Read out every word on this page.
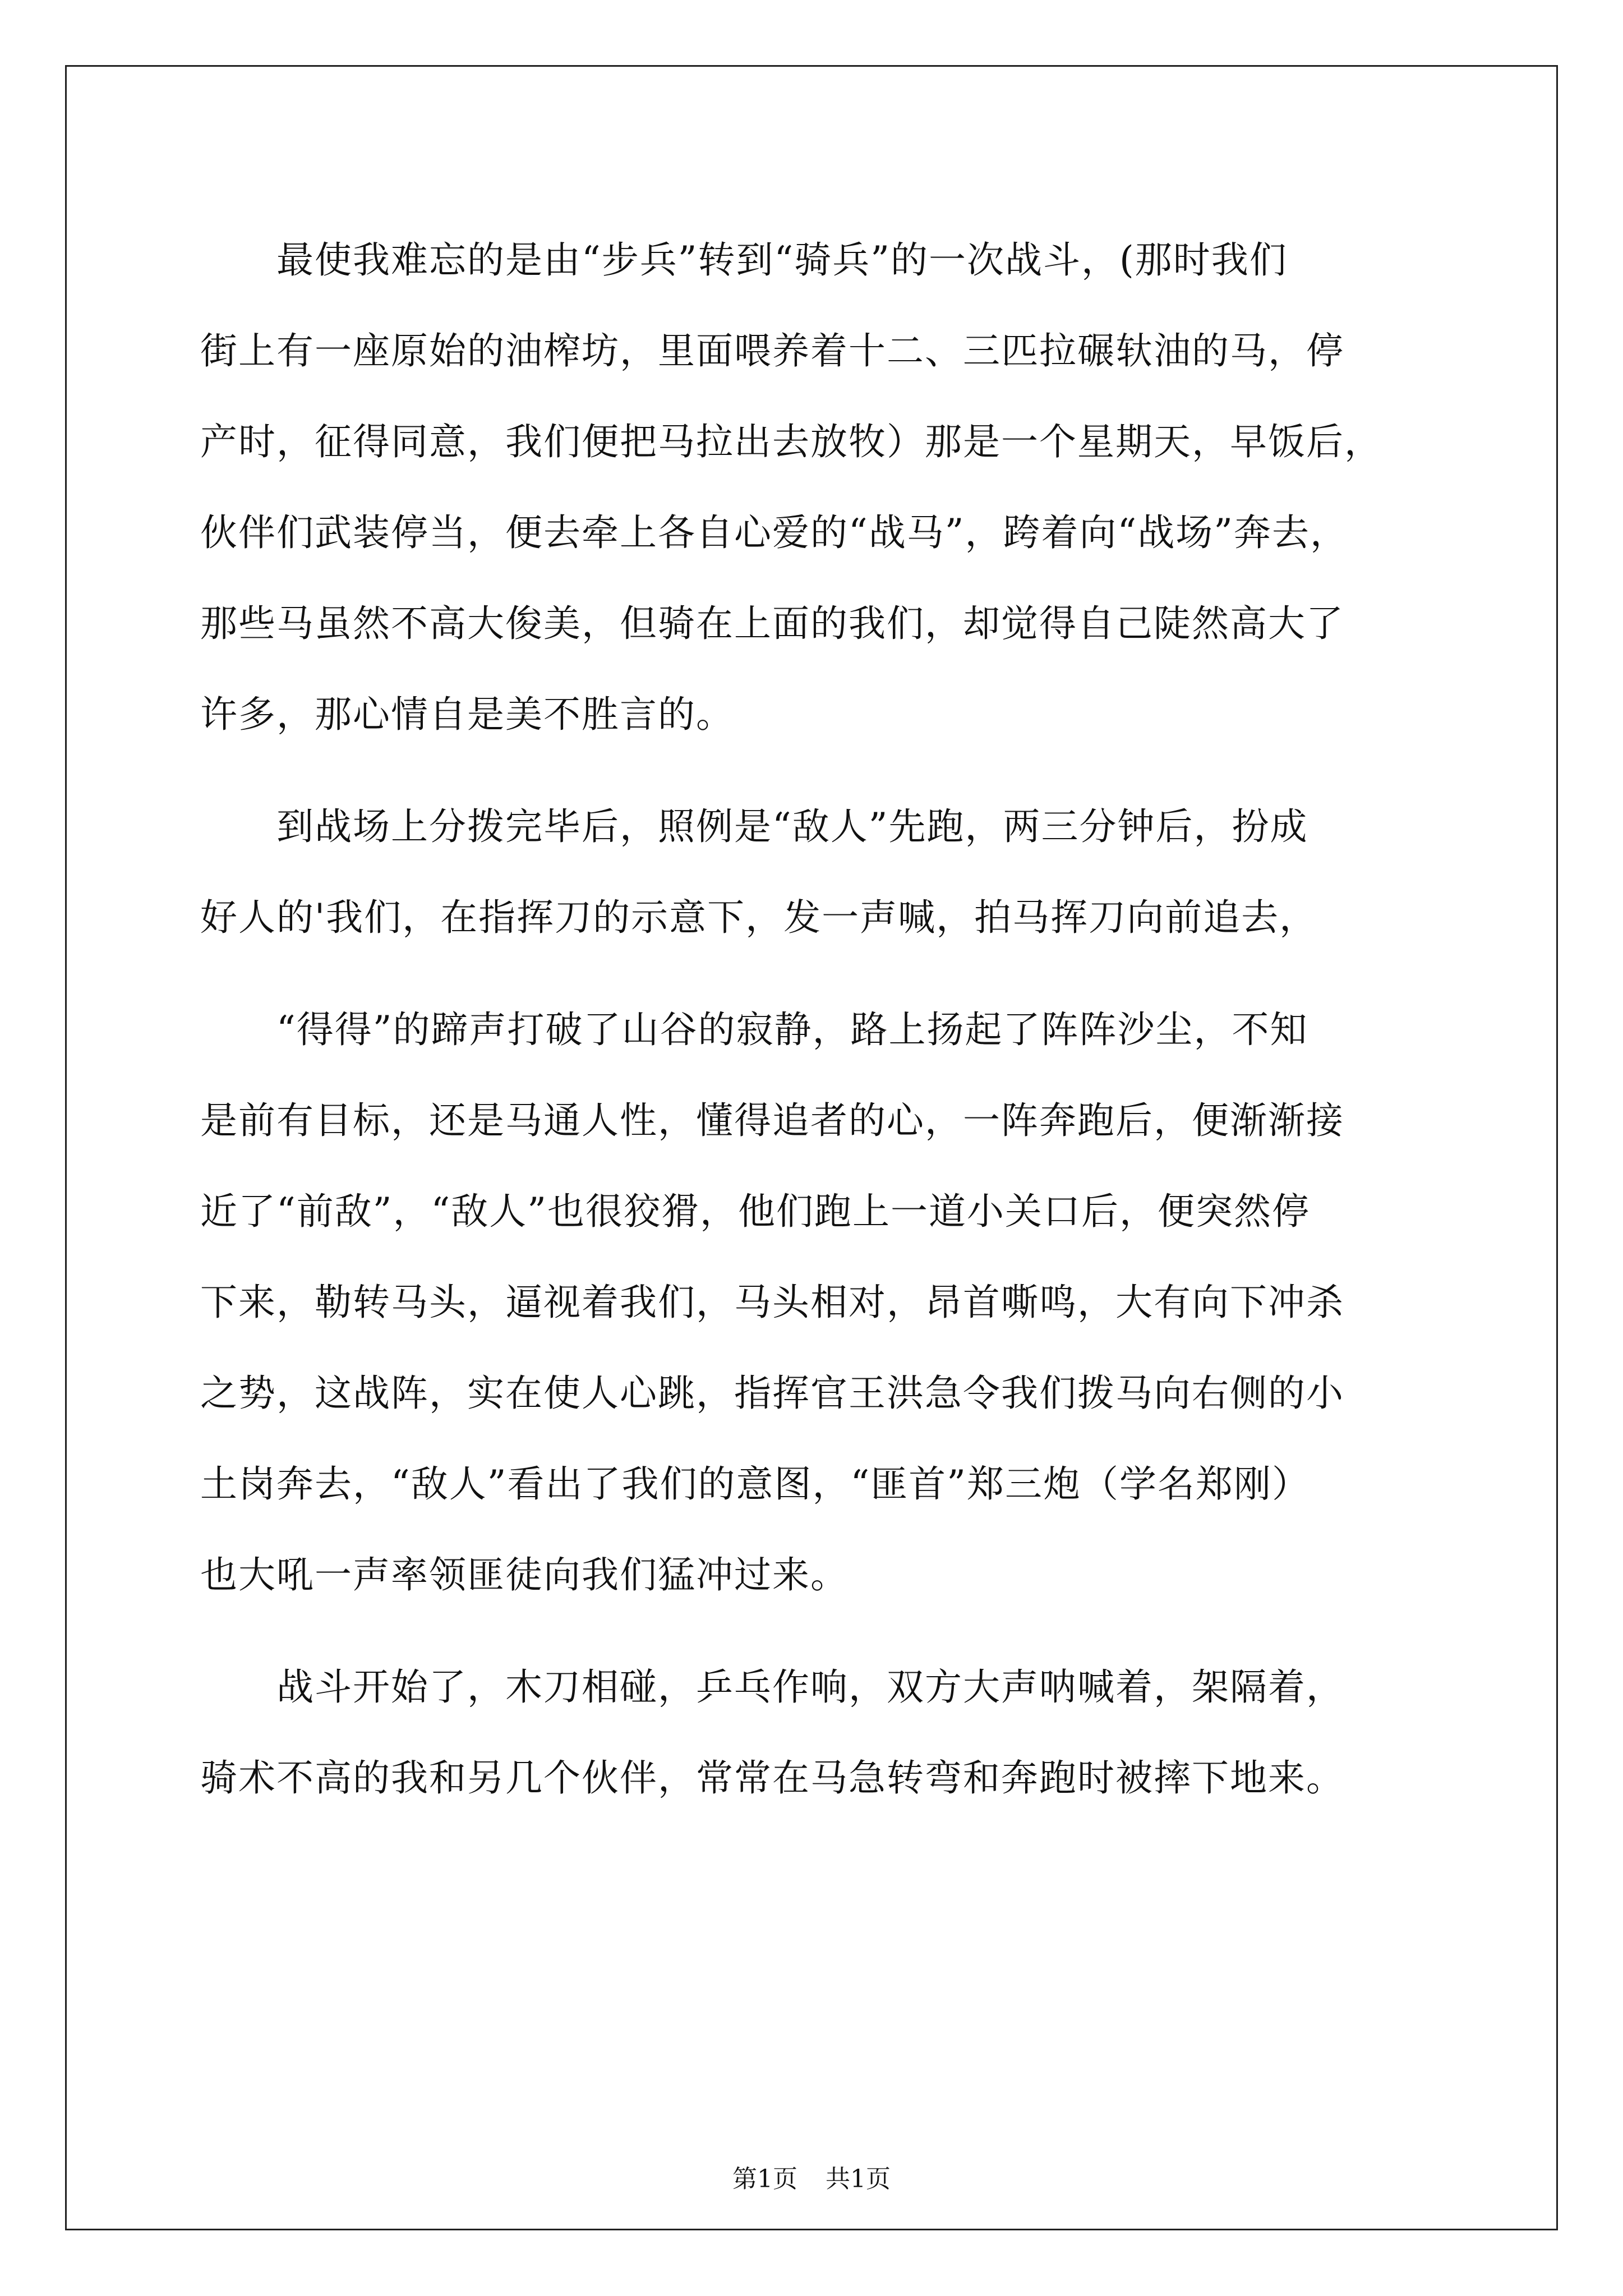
　　最使我难忘的是由“步兵”转到“骑兵”的一次战斗，(那时我们
街上有一座原始的油榨坊，里面喂养着十二、三匹拉碾轪油的马，停
产时，征得同意，我们便把马拉出去放牧）那是一个星期天，早饭后，
伙伴们武装停当，便去牵上各自心爱的“战马”，跨着向“战场”奔去，
那些马虽然不高大俊美，但骑在上面的我们，却觉得自己陡然高大了
许多，那心情自是美不胜言的。
　　到战场上分拨完毕后，照例是“敌人”先跑，两三分钟后，扮成
好人的'我们，在指挥刀的示意下，发一声喊，拍马挥刀向前追去，
　　“得得”的蹄声打破了山谷的寂静，路上扬起了阵阵沙尘，不知
是前有目标，还是马通人性，懂得追者的心，一阵奔跑后，便渐渐接
近了“前敌”，“敌人”也很狡猾，他们跑上一道小关口后，便突然停
下来，勒转马头，逼视着我们，马头相对，昂首嘶鸣，大有向下冲杀
之势，这战阵，实在使人心跳，指挥官王洪急令我们拨马向右侧的小
土岗奔去，“敌人”看出了我们的意图，“匪首”郑三炮（学名郑刚）
也大吼一声率领匪徒向我们猛冲过来。
　　战斗开始了，木刀相碰，乒乓作响，双方大声呐喊着，架隔着，
骑术不高的我和另几个伙伴，常常在马急转弯和奔跑时被摔下地来。
第1页 共1页
